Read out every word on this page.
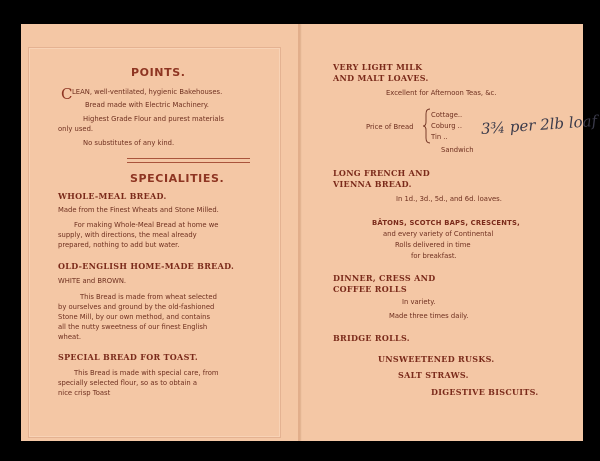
POINTS.

C LEAN, well-ventilated, hygienic Bakehouses.

Bread made with Electric Machinery.

Highest Grade Flour and purest materials

only used.

No substitutes of any kind.

SPECIALITIES.

WHOLE-MEAL BREAD.

Made from the Finest Wheats and Stone Milled.

For making Whole-Meal Bread at home we

supply, with directions, the meal already

prepared, nothing to add but water.

OLD-ENGLISH HOME-MADE BREAD.

WHITE and BROWN.

This Bread is made from wheat selected

by ourselves and ground by the old-fashioned

Stone Mill, by our own method, and contains

all the nutty sweetness of our finest English

wheat.

SPECIAL BREAD FOR TOAST.

This Bread is made with special care, from

specially selected flour, so as to obtain a

nice crisp Toast

VERY LIGHT MILK

AND MALT LOAVES.

Excellent for Afternoon Teas, &c.

Price of Bread

Cottage..

Coburg ..

Tin .. 3¾ per 2lb loaf

Sandwich

LONG FRENCH AND

VIENNA BREAD.

In 1d., 3d., 5d., and 6d. loaves.

BÂTONS, SCOTCH BAPS, CRESCENTS,

and every variety of Continental

Rolls delivered in time

for breakfast.

DINNER, CRESS AND

COFFEE ROLLS

In variety.

Made three times daily.

BRIDGE ROLLS.

UNSWEETENED RUSKS.

SALT STRAWS.

DIGESTIVE BISCUITS.
